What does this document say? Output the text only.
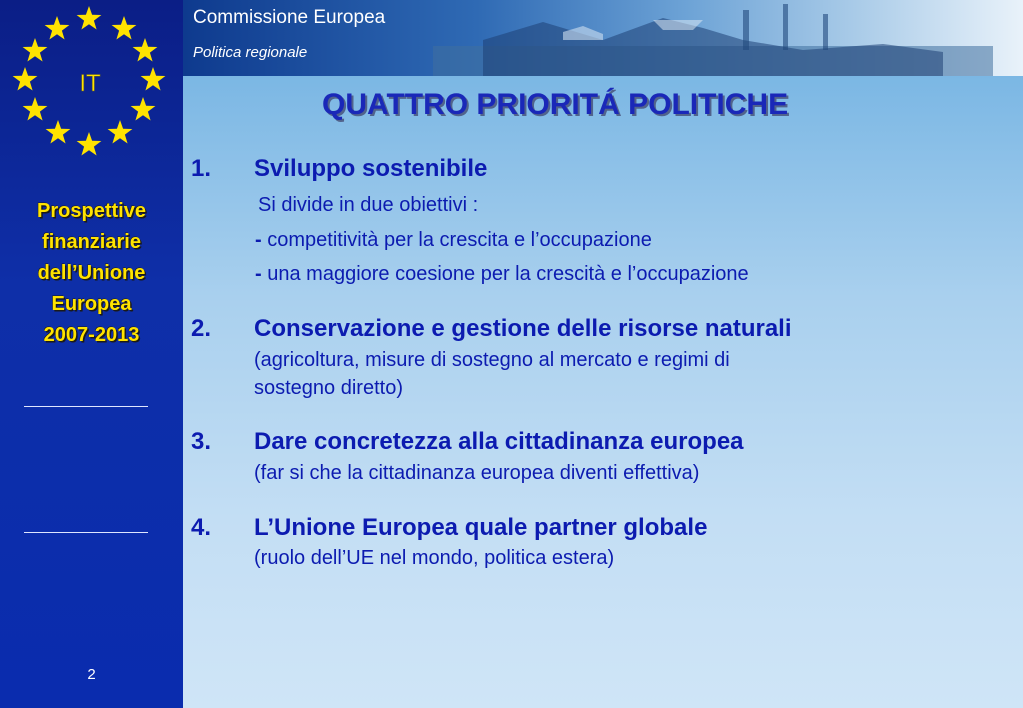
IT
Prospettive
finanziarie
dell’Unione
Europea
2007-2013
2
Commissione Europea
Politica regionale
QUATTRO PRIORITÁ POLITICHE
1. Sviluppo sostenibile
Si divide in due obiettivi :
- competitività per la crescita e l’occupazione
- una maggiore coesione per la crescità e l’occupazione
2. Conservazione e gestione delle risorse naturali
(agricoltura, misure di sostegno al mercato e regimi di
sostegno diretto)
3. Dare concretezza alla cittadinanza europea
(far si che la cittadinanza europea diventi effettiva)
4. L’Unione Europea quale partner globale
(ruolo dell’UE nel mondo, politica estera)
